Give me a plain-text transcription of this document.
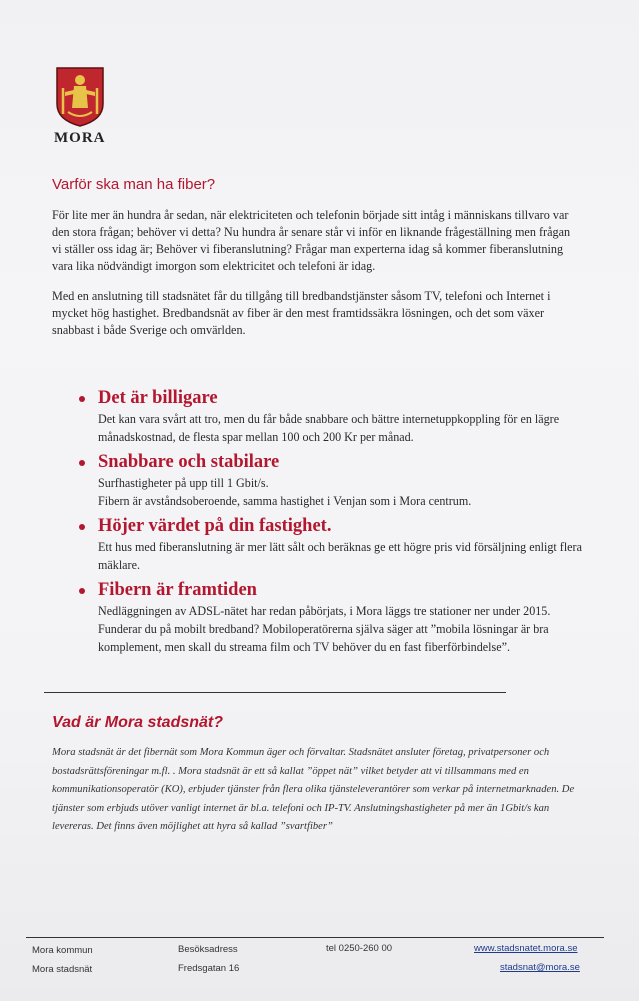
MORA
Varför ska man ha fiber?

För lite mer än hundra år sedan, när elektriciteten och telefonin började sitt intåg i människans tillvaro var den stora frågan; behöver vi detta? Nu hundra år senare står vi inför en liknande frågeställning men frågan vi ställer oss idag är; Behöver vi fiberanslutning? Frågar man experterna idag så kommer fiberanslutning vara lika nödvändigt imorgon som elektricitet och telefoni är idag.

Med en anslutning till stadsnätet får du tillgång till bredbandstjänster såsom TV, telefoni och Internet i mycket hög hastighet. Bredbandsnät av fiber är den mest framtidssäkra lösningen, och det som växer snabbast i både Sverige och omvärlden.

Det är billigare
Det kan vara svårt att tro, men du får både snabbare och bättre internetuppkoppling för en lägre månadskostnad, de flesta spar mellan 100 och 200 Kr per månad.
Snabbare och stabilare
Surfhastigheter på upp till 1 Gbit/s.
Fibern är avståndsoberoende, samma hastighet i Venjan som i Mora centrum.
Höjer värdet på din fastighet.
Ett hus med fiberanslutning är mer lätt sålt och beräknas ge ett högre pris vid försäljning enligt flera mäklare.
Fibern är framtiden
Nedläggningen av ADSL-nätet har redan påbörjats, i Mora läggs tre stationer ner under 2015.
Funderar du på mobilt bredband? Mobiloperatörerna själva säger att ”mobila lösningar är bra komplement, men skall du streama film och TV behöver du en fast fiberförbindelse”.
Vad är Mora stadsnät?

Mora stadsnät är det fibernät som Mora Kommun äger och förvaltar. Stadsnätet ansluter företag, privatpersoner och bostadsrättsföreningar m.fl. . Mora stadsnät är ett så kallat ”öppet nät” vilket betyder att vi tillsammans med en kommunikationsoperatör (KO), erbjuder tjänster från flera olika tjänsteleverantörer som verkar på internetmarknaden. De tjänster som erbjuds utöver vanligt internet är bl.a. telefoni och IP-TV. Anslutningshastigheter på mer än 1Gbit/s kan levereras. Det finns även möjlighet att hyra så kallad ”svartfiber”

Mora kommun
Mora stadsnät
Besöksadress
Fredsgatan 16
tel 0250-260 00	www.stadsnatet.mora.se
stadsnat@mora.se
